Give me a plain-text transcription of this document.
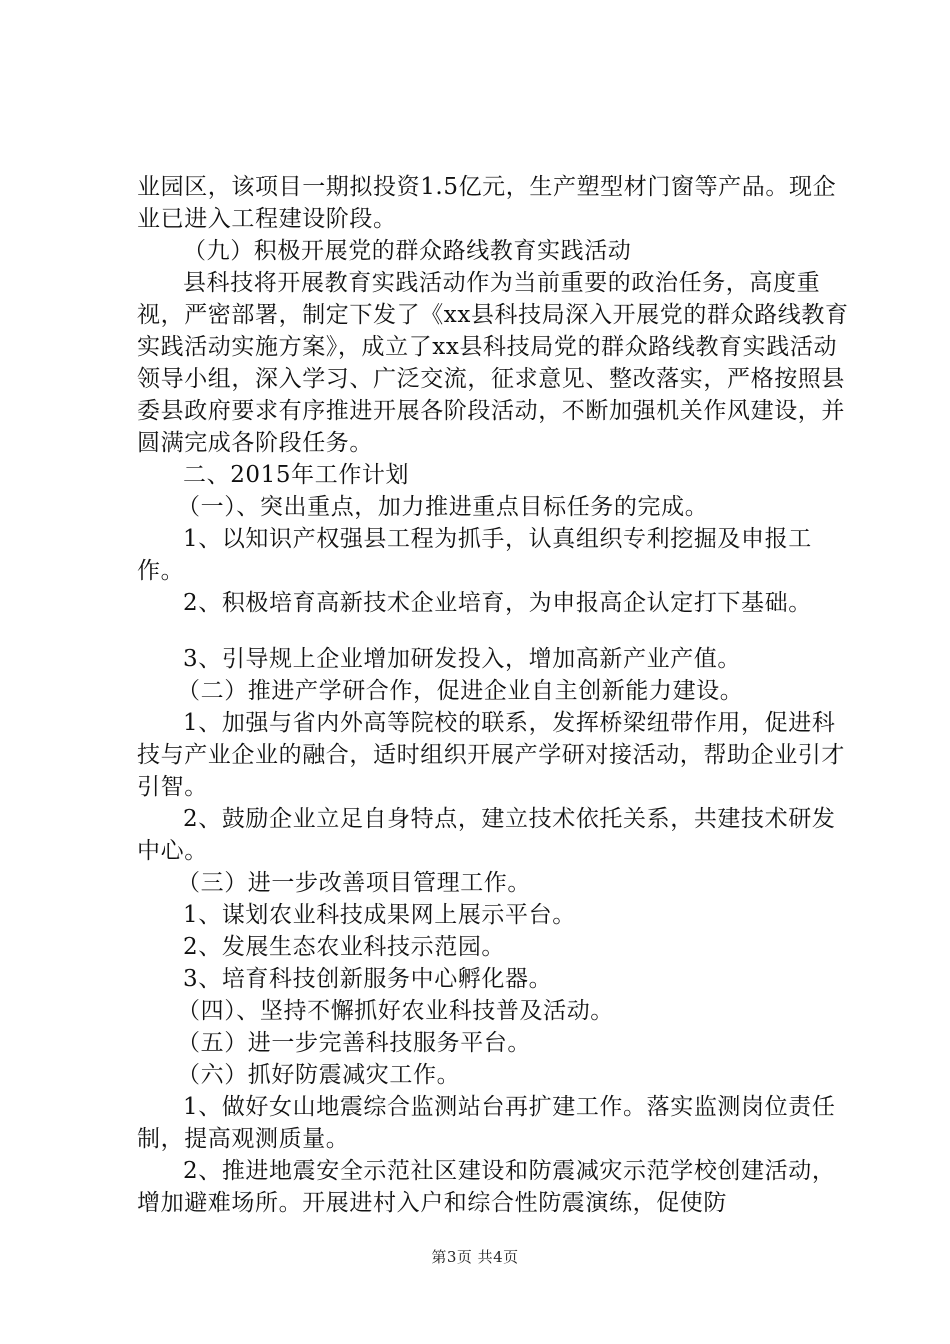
业园区，该项目一期拟投资1.5亿元，生产塑型材门窗等产品。现企业已进入工程建设阶段。

（九）积极开展党的群众路线教育实践活动

县科技将开展教育实践活动作为当前重要的政治任务，高度重视，严密部署，制定下发了《xx县科技局深入开展党的群众路线教育实践活动实施方案》，成立了xx县科技局党的群众路线教育实践活动领导小组，深入学习、广泛交流，征求意见、整改落实，严格按照县委县政府要求有序推进开展各阶段活动，不断加强机关作风建设，并圆满完成各阶段任务。

二、2015年工作计划

（一）、突出重点，加力推进重点目标任务的完成。

1、以知识产权强县工程为抓手，认真组织专利挖掘及申报工作。

2、积极培育高新技术企业培育，为申报高企认定打下基础。

3、引导规上企业增加研发投入，增加高新产业产值。

（二）推进产学研合作，促进企业自主创新能力建设。

1、加强与省内外高等院校的联系，发挥桥梁纽带作用，促进科技与产业企业的融合，适时组织开展产学研对接活动，帮助企业引才引智。

2、鼓励企业立足自身特点，建立技术依托关系，共建技术研发中心。

（三）进一步改善项目管理工作。

1、谋划农业科技成果网上展示平台。

2、发展生态农业科技示范园。

3、培育科技创新服务中心孵化器。

（四）、坚持不懈抓好农业科技普及活动。

（五）进一步完善科技服务平台。

（六）抓好防震减灾工作。

1、做好女山地震综合监测站台再扩建工作。落实监测岗位责任制，提高观测质量。

2、推进地震安全示范社区建设和防震减灾示范学校创建活动，增加避难场所。开展进村入户和综合性防震演练，促使防

第3页 共4页
